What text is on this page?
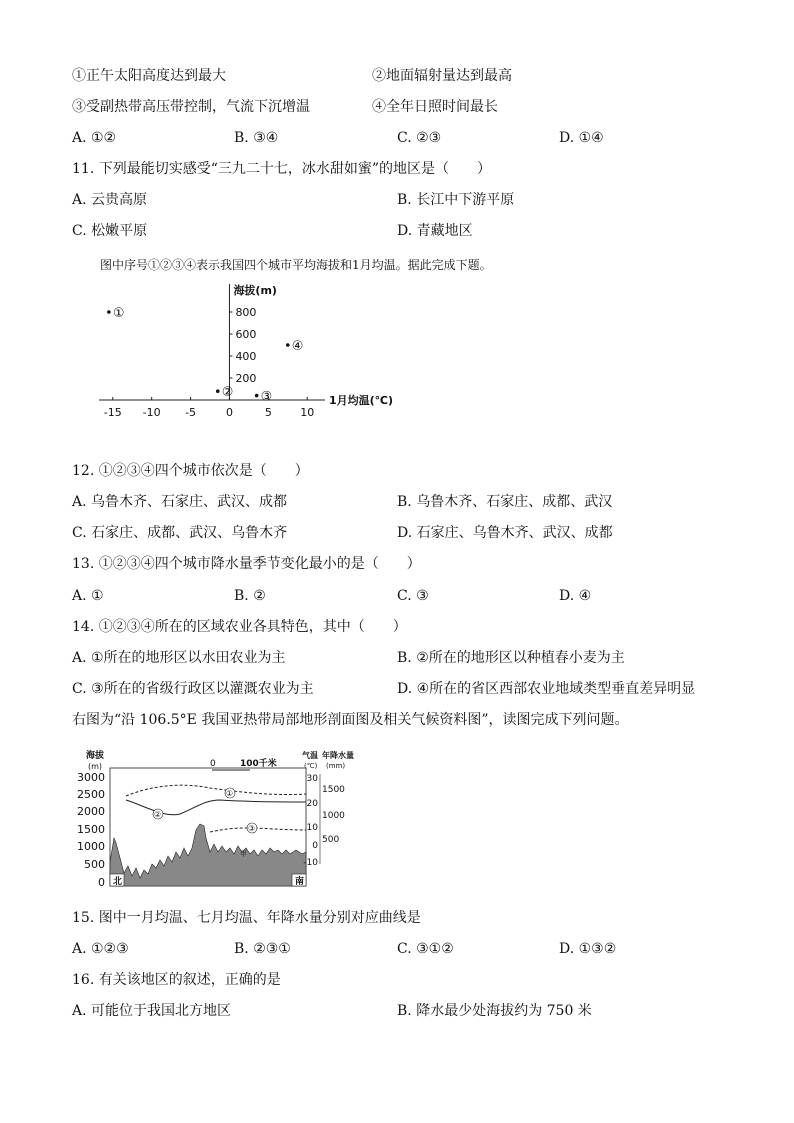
①正午太阳高度达到最大	②地面辐射量达到最高
③受副热带高压带控制，气流下沉增温	④全年日照时间最长
A. ①②	B. ③④	C. ②③	D. ①④
11. 下列最能切实感受“三九二十七，冰水甜如蜜”的地区是（　　）
A. 云贵高原	B. 长江中下游平原
C. 松嫩平原	D. 青藏地区
图中序号①②③④表示我国四个城市平均海拔和1月均温。据此完成下题。
海拔(m)
1月均温(℃)
-15 -10 -5	0	5	10
200
400
600
800
①
② ③
④
12. ①②③④四个城市依次是（　　）
A. 乌鲁木齐、石家庄、武汉、成都	B. 乌鲁木齐、石家庄、成都、武汉
C. 石家庄、成都、武汉、乌鲁木齐	D. 石家庄、乌鲁木齐、武汉、成都
13. ①②③④四个城市降水量季节变化最小的是（　　）
A. ①	B. ②	C. ③	D. ④
14. ①②③④所在的区域农业各具特色，其中（　　）
A. ①所在的地形区以水田农业为主	B. ②所在的地形区以种植春小麦为主
C. ③所在的省级行政区以灌溉农业为主	D. ④所在的省区西部农业地域类型垂直差异明显
右图为“沿 106.5°E 我国亚热带局部地形剖面图及相关气候资料图”，读图完成下列问题。
海拔
(m)
3000
2500
2000
1500
1000
500
0 北	南
甲
①
②
③
0	100千米
气温
(℃)
年降水量
(mm)
30
20
10
0
-10
1500
1000
500
15. 图中一月均温、七月均温、年降水量分别对应曲线是
A. ①②③	B. ②③①	C. ③①②	D. ①③②
16. 有关该地区的叙述，正确的是
A. 可能位于我国北方地区	B. 降水最少处海拔约为 750 米
